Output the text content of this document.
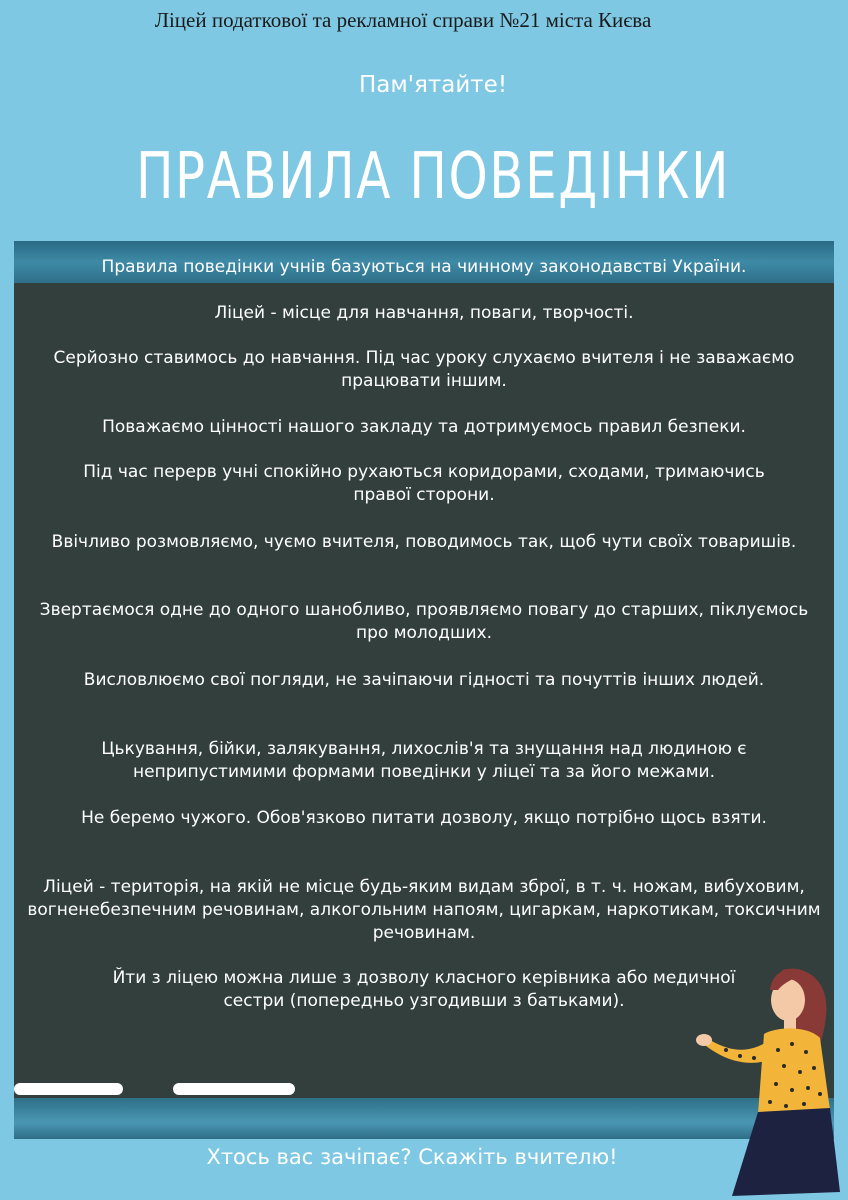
Ліцей податкової та рекламної справи №21 міста Києва
Пам'ятайте!
ПРАВИЛА ПОВЕДІНКИ
Правила поведінки учнів базуються на чинному законодавстві України.
Ліцей - місце для навчання, поваги, творчості.
Серйозно ставимось до навчання. Під час уроку слухаємо вчителя і не заважаємо працювати іншим.
Поважаємо цінності нашого закладу та дотримуємось правил безпеки.
Під час перерв учні спокійно рухаються коридорами, сходами, тримаючись правої сторони.
Ввічливо розмовляємо, чуємо вчителя, поводимось так, щоб чути своїх товаришів.
Звертаємося одне до одного шанобливо, проявляємо повагу до старших, піклуємось про молодших.
Висловлюємо свої погляди, не зачіпаючи гідності та почуттів інших людей.
Цькування, бійки, залякування, лихослів'я та знущання над людиною є неприпустимими формами поведінки у ліцеї та за його межами.
Не беремо чужого. Обов'язково питати дозволу, якщо потрібно щось взяти.
Ліцей - територія, на якій не місце будь-яким видам зброї, в т. ч. ножам, вибуховим, вогненебезпечним речовинам, алкогольним напоям, цигаркам, наркотикам, токсичним речовинам.
Йти з ліцею можна лише з дозволу класного керівника або медичної сестри (попередньо узгодивши з батьками).
Хтось вас зачіпає? Скажіть вчителю!
